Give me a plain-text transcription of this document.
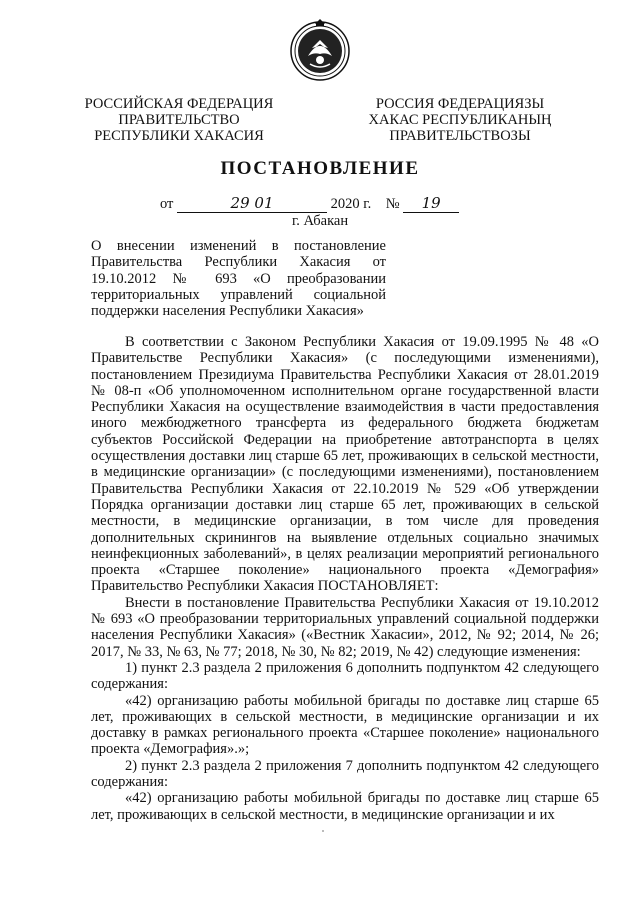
РОССИЙСКАЯ ФЕДЕРАЦИЯ
ПРАВИТЕЛЬСТВО
РЕСПУБЛИКИ ХАКАСИЯ
РОССИЯ ФЕДЕРАЦИЯЗЫ
ХАКАС РЕСПУБЛИКАНЫҢ
ПРАВИТЕЛЬСТВОЗЫ
ПОСТАНОВЛЕНИЕ
от	29 01	2020 г. № 19
г. Абакан
О внесении изменений в постановление Правительства Республики Хакасия от 19.10.2012 № 693 «О преобразовании территориальных управлений социальной поддержки населения Республики Хакасия»

В соответствии с Законом Республики Хакасия от 19.09.1995 № 48 «О Правительстве Республики Хакасия» (с последующими изменениями), постановлением Президиума Правительства Республики Хакасия от 28.01.2019 № 08-п «Об уполномоченном исполнительном органе государственной власти Республики Хакасия на осуществление взаимодействия в части предоставления иного межбюджетного трансферта из федерального бюджета бюджетам субъектов Российской Федерации на приобретение автотранспорта в целях осуществления доставки лиц старше 65 лет, проживающих в сельской местности, в медицинские организации» (с последующими изменениями), постановлением Правительства Республики Хакасия от 22.10.2019 № 529 «Об утверждении Порядка организации доставки лиц старше 65 лет, проживающих в сельской местности, в медицинские организации, в том числе для проведения дополнительных скринингов на выявление отдельных социально значимых неинфекционных заболеваний», в целях реализации мероприятий регионального проекта «Старшее поколение» национального проекта «Демография» Правительство Республики Хакасия ПОСТАНОВЛЯЕТ:

Внести в постановление Правительства Республики Хакасия от 19.10.2012 № 693 «О преобразовании территориальных управлений социальной поддержки населения Республики Хакасия» («Вестник Хакасии», 2012, № 92; 2014, № 26; 2017, № 33, № 63, № 77; 2018, № 30, № 82; 2019, № 42) следующие изменения:

1) пункт 2.3 раздела 2 приложения 6 дополнить подпунктом 42 следующего содержания:

«42) организацию работы мобильной бригады по доставке лиц старше 65 лет, проживающих в сельской местности, в медицинские организации и их доставку в рамках регионального проекта «Старшее поколение» национального проекта «Демография».»;

2) пункт 2.3 раздела 2 приложения 7 дополнить подпунктом 42 следующего содержания:

«42) организацию работы мобильной бригады по доставке лиц старше 65 лет, проживающих в сельской местности, в медицинские организации и их
